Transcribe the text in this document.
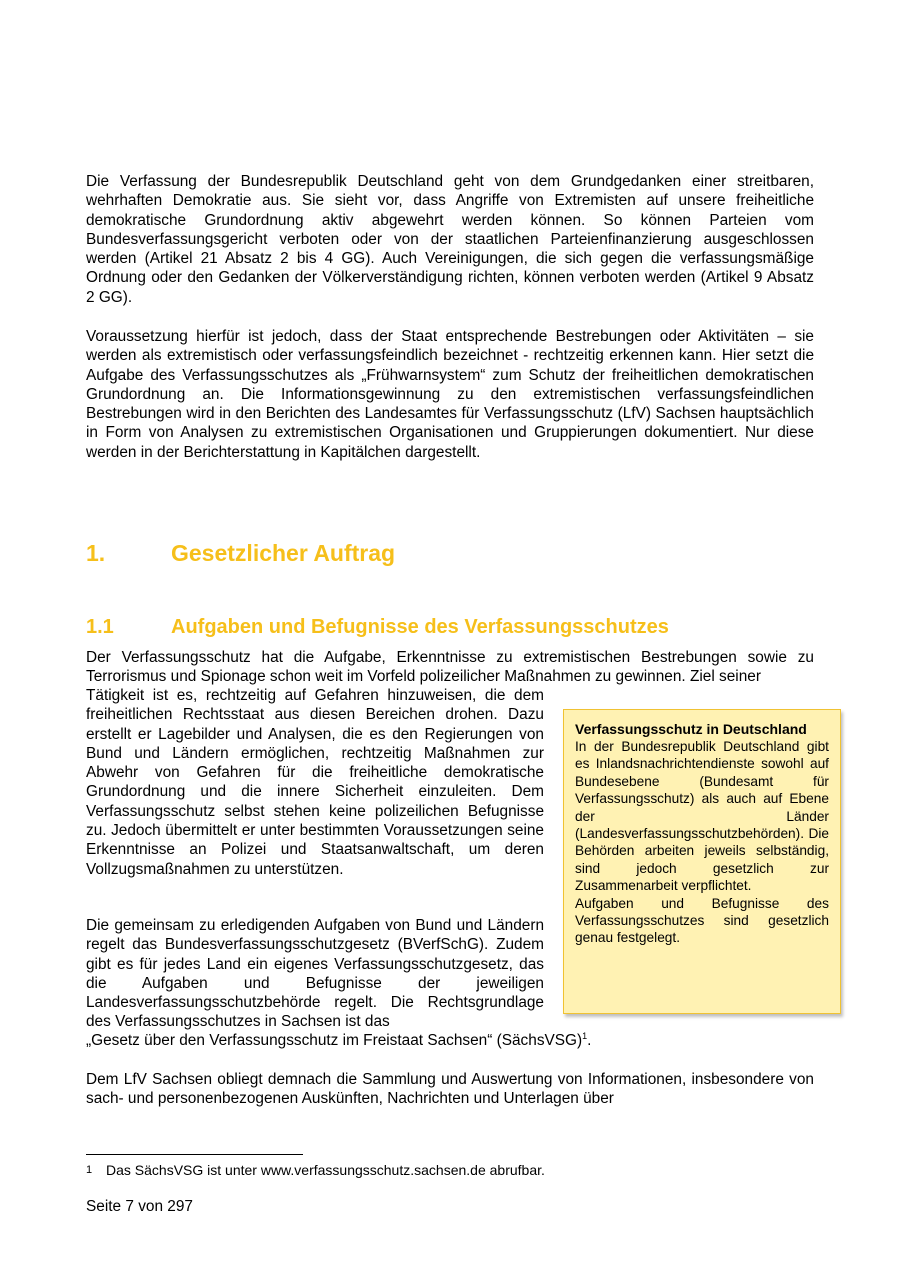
Die Verfassung der Bundesrepublik Deutschland geht von dem Grundgedanken einer streitbaren, wehrhaften Demokratie aus. Sie sieht vor, dass Angriffe von Extremisten auf unsere freiheitliche demokratische Grundordnung aktiv abgewehrt werden können. So können Parteien vom Bundesverfassungsgericht verboten oder von der staatlichen Parteienfinanzierung ausgeschlossen werden (Artikel 21 Absatz 2 bis 4 GG). Auch Vereinigungen, die sich gegen die verfassungsmäßige Ordnung oder den Gedanken der Völkerverständigung richten, können verboten werden (Artikel 9 Absatz 2 GG).

Voraussetzung hierfür ist jedoch, dass der Staat entsprechende Bestrebungen oder Aktivitäten – sie werden als extremistisch oder verfassungsfeindlich bezeichnet - rechtzeitig erkennen kann. Hier setzt die Aufgabe des Verfassungsschutzes als „Frühwarnsystem“ zum Schutz der freiheitlichen demokratischen Grundordnung an. Die Informationsgewinnung zu den extremistischen verfassungsfeindlichen Bestrebungen wird in den Berichten des Landesamtes für Verfassungsschutz (LfV) Sachsen hauptsächlich in Form von Analysen zu extremistischen Organisationen und Gruppierungen dokumentiert. Nur diese werden in der Berichterstattung in Kapitälchen dargestellt.

1.	Gesetzlicher Auftrag
1.1	Aufgaben und Befugnisse des Verfassungsschutzes

Der Verfassungsschutz hat die Aufgabe, Erkenntnisse zu extremistischen Bestrebungen sowie zu Terrorismus und Spionage schon weit im Vorfeld polizeilicher Maßnahmen zu gewinnen. Ziel seiner

Tätigkeit ist es, rechtzeitig auf Gefahren hinzuweisen, die dem freiheitlichen Rechtsstaat aus diesen Bereichen drohen. Dazu erstellt er Lagebilder und Analysen, die es den Regierungen von Bund und Ländern ermöglichen, rechtzeitig Maßnahmen zur Abwehr von Gefahren für die freiheitliche demokratische Grundordnung und die innere Sicherheit einzuleiten. Dem Verfassungsschutz selbst stehen keine polizeilichen Befugnisse zu. Jedoch übermittelt er unter bestimmten Voraussetzungen seine Erkenntnisse an Polizei und Staatsanwaltschaft, um deren Vollzugsmaßnahmen zu unterstützen.

Die gemeinsam zu erledigenden Aufgaben von Bund und Ländern regelt das Bundesverfassungsschutzgesetz (BVerfSchG). Zudem gibt es für jedes Land ein eigenes Verfassungsschutzgesetz, das die Aufgaben und Befugnisse der jeweiligen Landesverfassungsschutzbehörde regelt. Die Rechtsgrundlage des Verfassungsschutzes in Sachsen ist das

„Gesetz über den Verfassungsschutz im Freistaat Sachsen“ (SächsVSG)$^1$.

Dem LfV Sachsen obliegt demnach die Sammlung und Auswertung von Informationen, insbesondere von sach- und personenbezogenen Auskünften, Nachrichten und Unterlagen über

Verfassungsschutz in Deutschland

In der Bundesrepublik Deutschland gibt es Inlandsnachrichtendienste sowohl auf Bundesebene (Bundesamt für Verfassungsschutz) als auch auf Ebene der Länder (Landesverfassungsschutzbehörden). Die Behörden arbeiten jeweils selbständig, sind jedoch gesetzlich zur Zusammenarbeit verpflichtet.

Aufgaben und Befugnisse des Verfassungsschutzes sind gesetzlich genau festgelegt.

1 Das SächsVSG ist unter www.verfassungsschutz.sachsen.de abrufbar.
Seite 7 von 297
